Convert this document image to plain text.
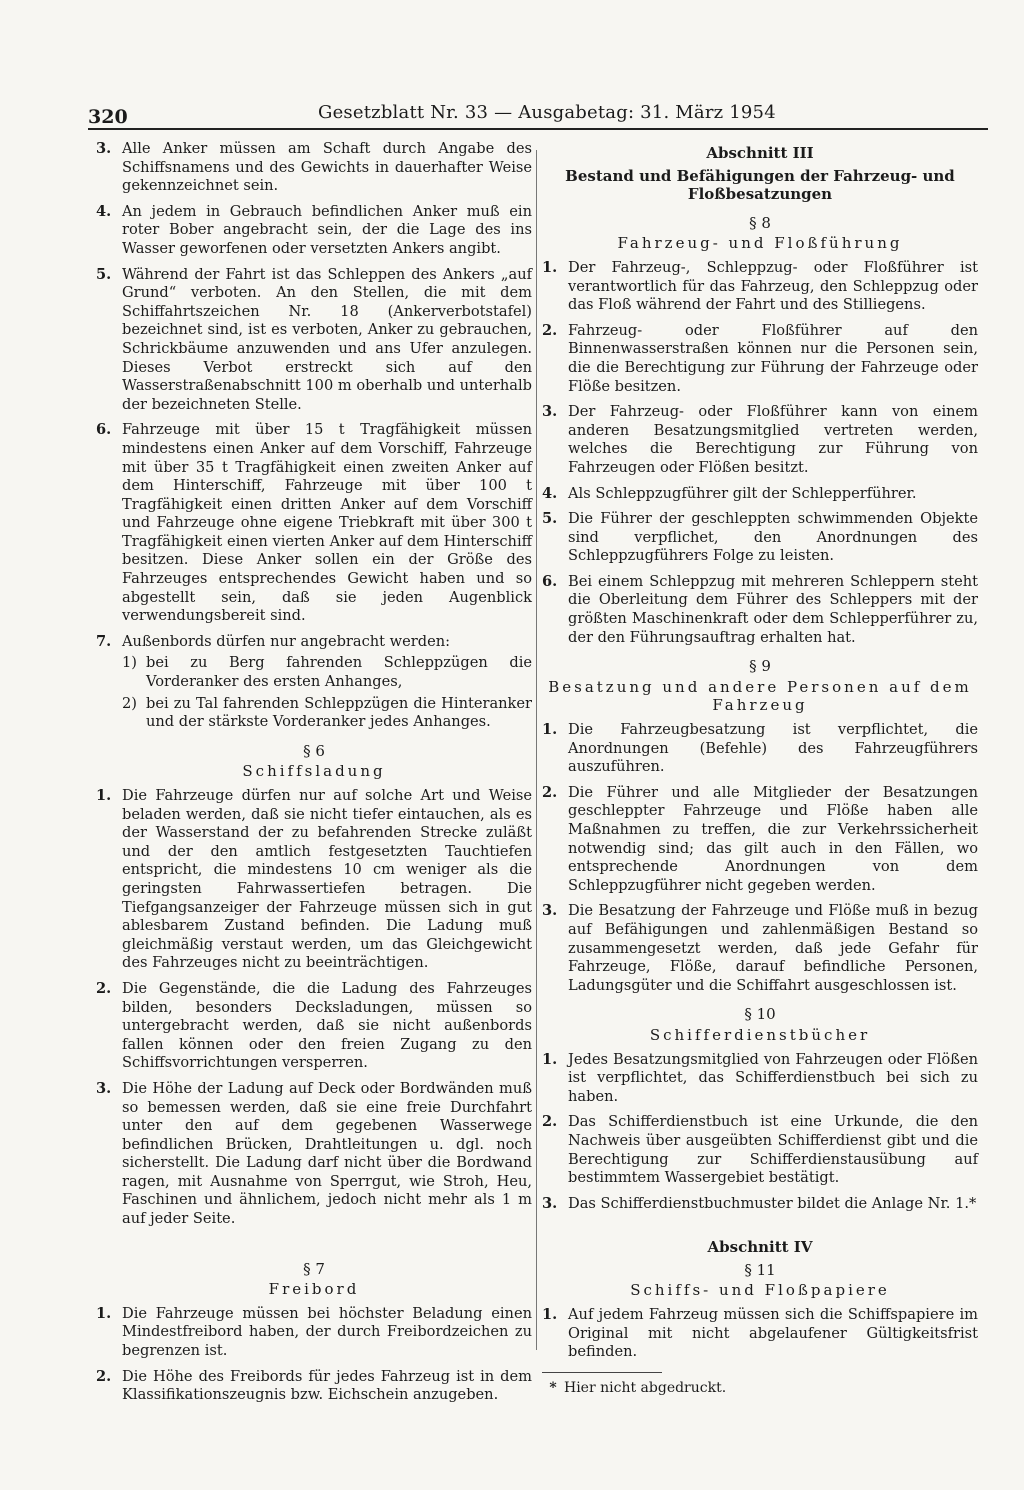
320	Gesetzblatt Nr. 33 — Ausgabetag: 31. März 1954
3. Alle Anker müssen am Schaft durch Angabe des Schiffsnamens und des Gewichts in dauerhafter Weise gekennzeichnet sein.
4. An jedem in Gebrauch befindlichen Anker muß ein roter Bober angebracht sein, der die Lage des ins Wasser geworfenen oder versetzten Ankers angibt.
5. Während der Fahrt ist das Schleppen des Ankers „auf Grund“ verboten. An den Stellen, die mit dem Schiffahrtszeichen Nr. 18 (Ankerverbotstafel) bezeichnet sind, ist es verboten, Anker zu gebrauchen, Schrickbäume anzuwenden und ans Ufer anzulegen. Dieses Verbot erstreckt sich auf den Wasserstraßenabschnitt 100 m oberhalb und unterhalb der bezeichneten Stelle.
6. Fahrzeuge mit über 15 t Tragfähigkeit müssen mindestens einen Anker auf dem Vorschiff, Fahrzeuge mit über 35 t Tragfähigkeit einen zweiten Anker auf dem Hinterschiff, Fahrzeuge mit über 100 t Tragfähigkeit einen dritten Anker auf dem Vorschiff und Fahrzeuge ohne eigene Triebkraft mit über 300 t Tragfähigkeit einen vierten Anker auf dem Hinterschiff besitzen. Diese Anker sollen ein der Größe des Fahrzeuges entsprechendes Gewicht haben und so abgestellt sein, daß sie jeden Augenblick verwendungsbereit sind.
7. Außenbords dürfen nur angebracht werden:
1) bei zu Berg fahrenden Schleppzügen die Vorderanker des ersten Anhanges,
2) bei zu Tal fahrenden Schleppzügen die Hinteranker und der stärkste Vorderanker jedes Anhanges.
§ 6
Schiffsladung
1. Die Fahrzeuge dürfen nur auf solche Art und Weise beladen werden, daß sie nicht tiefer eintauchen, als es der Wasserstand der zu befahrenden Strecke zuläßt und der den amtlich festgesetzten Tauchtiefen entspricht, die mindestens 10 cm weniger als die geringsten Fahrwassertiefen betragen. Die Tiefgangsanzeiger der Fahrzeuge müssen sich in gut ablesbarem Zustand befinden. Die Ladung muß gleichmäßig verstaut werden, um das Gleichgewicht des Fahrzeuges nicht zu beeinträchtigen.
2. Die Gegenstände, die die Ladung des Fahrzeuges bilden, besonders Decksladungen, müssen so untergebracht werden, daß sie nicht außenbords fallen können oder den freien Zugang zu den Schiffsvorrichtungen versperren.
3. Die Höhe der Ladung auf Deck oder Bordwänden muß so bemessen werden, daß sie eine freie Durchfahrt unter den auf dem gegebenen Wasserwege befindlichen Brücken, Drahtleitungen u. dgl. noch sicherstellt. Die Ladung darf nicht über die Bordwand ragen, mit Ausnahme von Sperrgut, wie Stroh, Heu, Faschinen und ähnlichem, jedoch nicht mehr als 1 m auf jeder Seite.
§ 7
Freibord
1. Die Fahrzeuge müssen bei höchster Beladung einen Mindestfreibord haben, der durch Freibordzeichen zu begrenzen ist.
2. Die Höhe des Freibords für jedes Fahrzeug ist in dem Klassifikationszeugnis bzw. Eichschein anzugeben.
Abschnitt III
Bestand und Befähigungen der Fahrzeug- und Floßbesatzungen
§ 8
Fahrzeug- und Floßführung
1. Der Fahrzeug-, Schleppzug- oder Floßführer ist verantwortlich für das Fahrzeug, den Schleppzug oder das Floß während der Fahrt und des Stilliegens.
2. Fahrzeug- oder Floßführer auf den Binnenwasserstraßen können nur die Personen sein, die die Berechtigung zur Führung der Fahrzeuge oder Flöße besitzen.
3. Der Fahrzeug- oder Floßführer kann von einem anderen Besatzungsmitglied vertreten werden, welches die Berechtigung zur Führung von Fahrzeugen oder Flößen besitzt.
4. Als Schleppzugführer gilt der Schlepperführer.
5. Die Führer der geschleppten schwimmenden Objekte sind verpflichet, den Anordnungen des Schleppzugführers Folge zu leisten.
6. Bei einem Schleppzug mit mehreren Schleppern steht die Oberleitung dem Führer des Schleppers mit der größten Maschinenkraft oder dem Schlepperführer zu, der den Führungsauftrag erhalten hat.
§ 9
Besatzung und andere Personen auf dem Fahrzeug
1. Die Fahrzeugbesatzung ist verpflichtet, die Anordnungen (Befehle) des Fahrzeugführers auszuführen.
2. Die Führer und alle Mitglieder der Besatzungen geschleppter Fahrzeuge und Flöße haben alle Maßnahmen zu treffen, die zur Verkehrssicherheit notwendig sind; das gilt auch in den Fällen, wo entsprechende Anordnungen von dem Schleppzugführer nicht gegeben werden.
3. Die Besatzung der Fahrzeuge und Flöße muß in bezug auf Befähigungen und zahlenmäßigen Bestand so zusammengesetzt werden, daß jede Gefahr für Fahrzeuge, Flöße, darauf befindliche Personen, Ladungsgüter und die Schiffahrt ausgeschlossen ist.
§ 10
Schifferdienstbücher
1. Jedes Besatzungsmitglied von Fahrzeugen oder Flößen ist verpflichtet, das Schifferdienstbuch bei sich zu haben.
2. Das Schifferdienstbuch ist eine Urkunde, die den Nachweis über ausgeübten Schifferdienst gibt und die Berechtigung zur Schifferdienstausübung auf bestimmtem Wassergebiet bestätigt.
3. Das Schifferdienstbuchmuster bildet die Anlage Nr. 1.*
Abschnitt IV
§ 11
Schiffs- und Floßpapiere
1. Auf jedem Fahrzeug müssen sich die Schiffspapiere im Original mit nicht abgelaufener Gültigkeitsfrist befinden.
* Hier nicht abgedruckt.
